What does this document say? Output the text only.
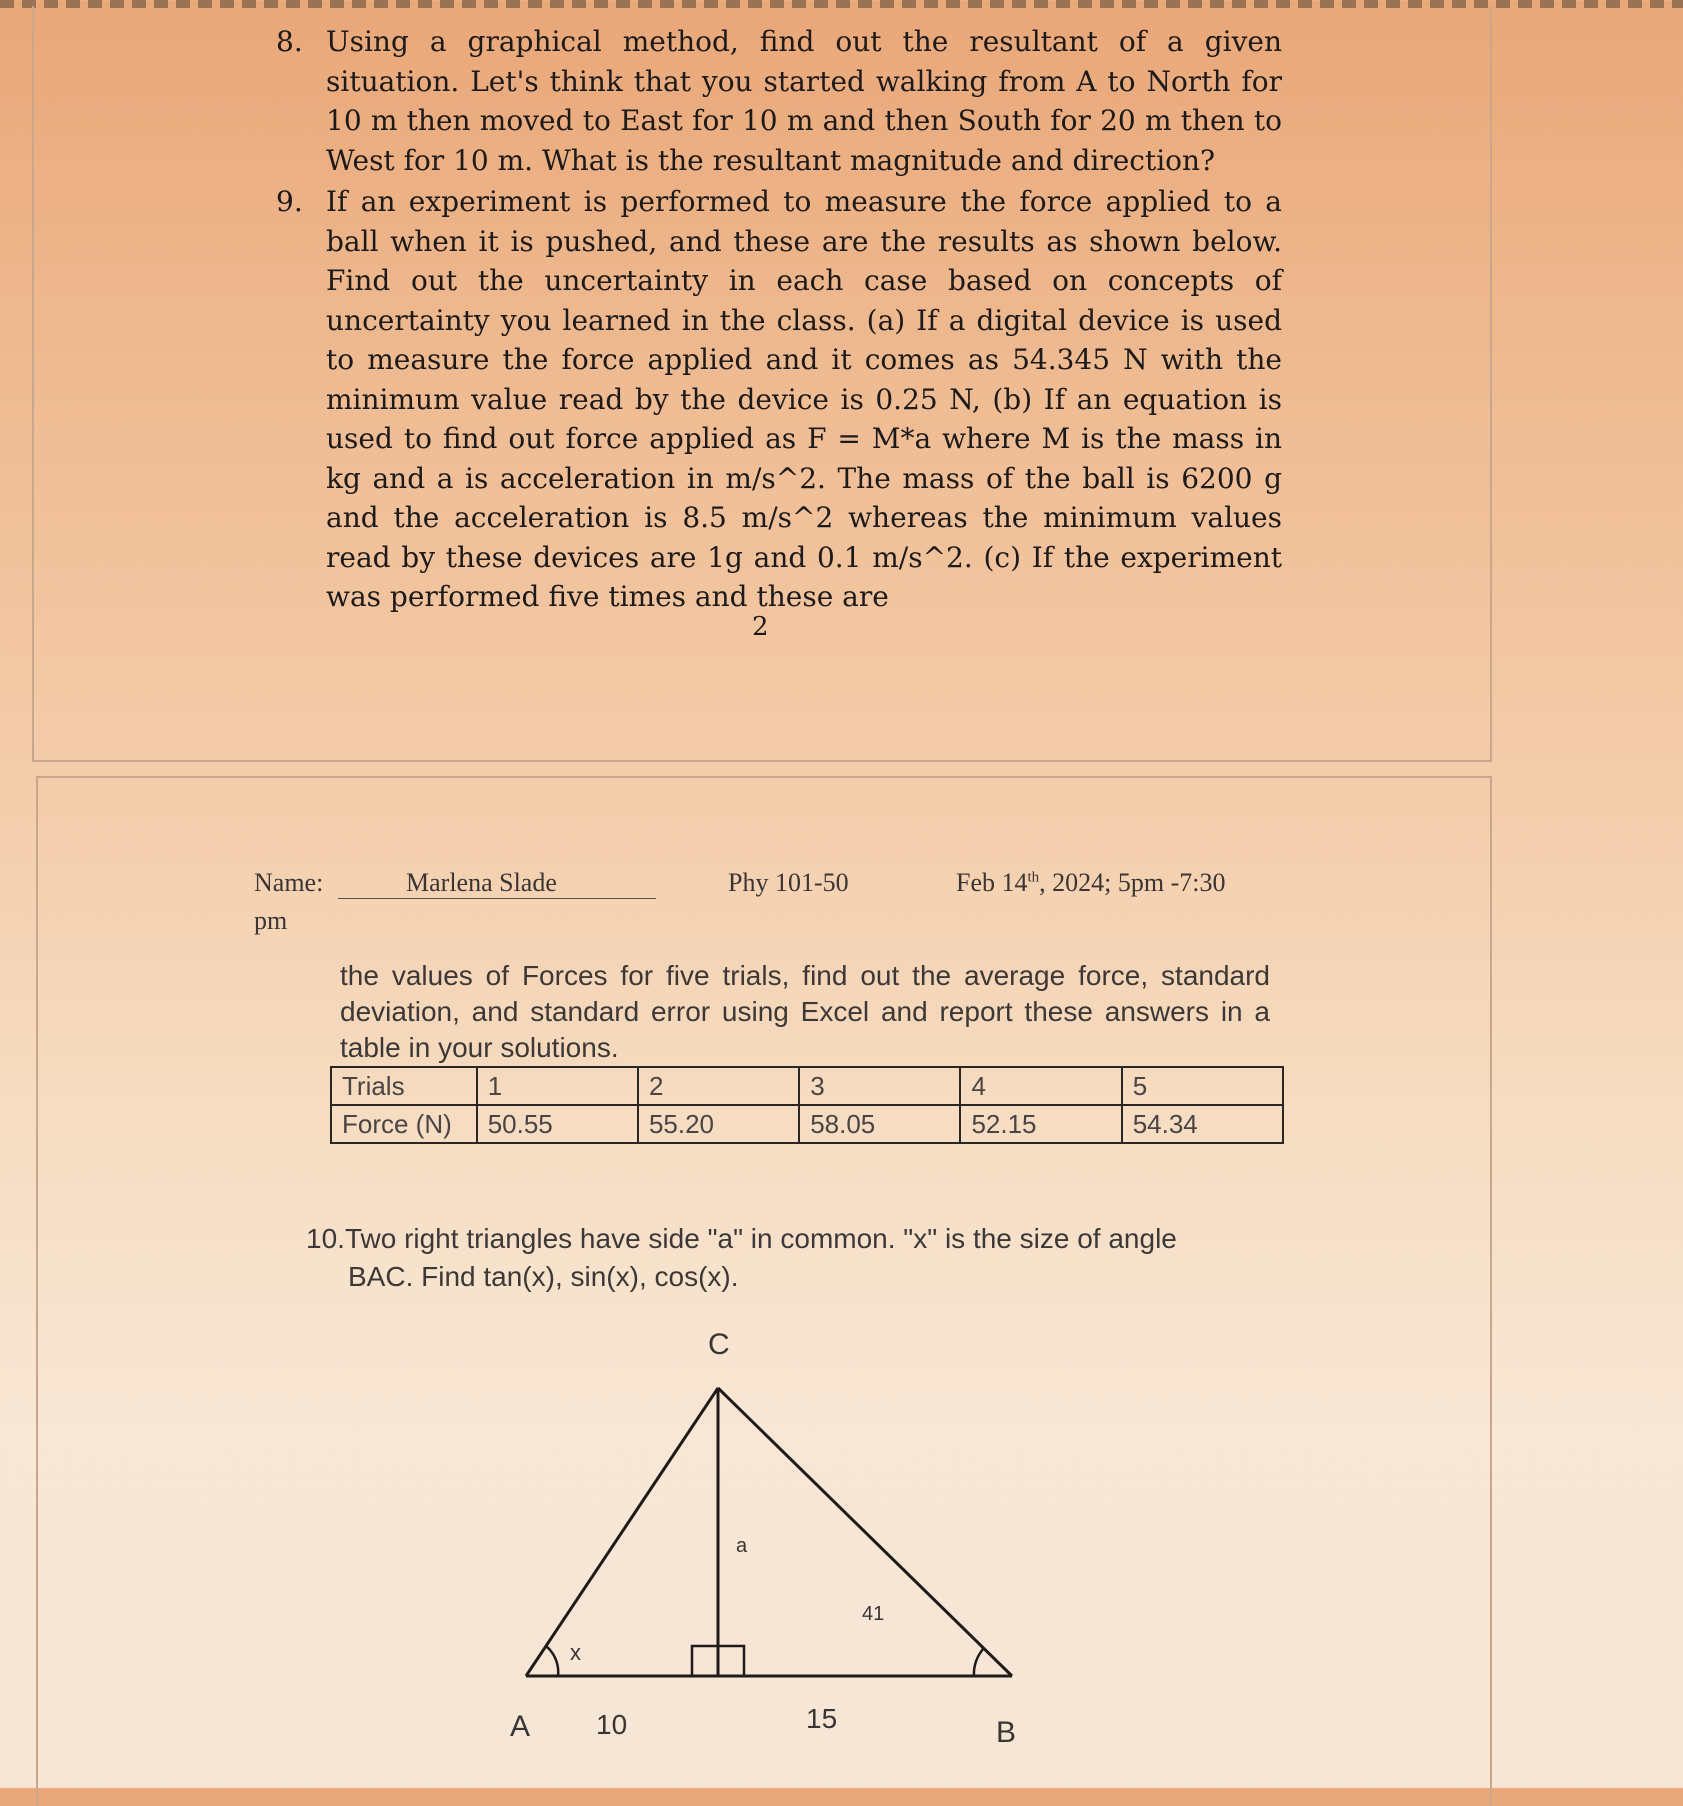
8. Using a graphical method, find out the resultant of a given situation. Let's think that you started walking from A to North for 10 m then moved to East for 10 m and then South for 20 m then to West for 10 m. What is the resultant magnitude and direction?
9. If an experiment is performed to measure the force applied to a ball when it is pushed, and these are the results as shown below. Find out the uncertainty in each case based on concepts of uncertainty you learned in the class. (a) If a digital device is used to measure the force applied and it comes as 54.345 N with the minimum value read by the device is 0.25 N, (b) If an equation is used to find out force applied as F = M*a where M is the mass in kg and a is acceleration in m/s^2. The mass of the ball is 6200 g and the acceleration is 8.5 m/s^2 whereas the minimum values read by these devices are 1g and 0.1 m/s^2. (c) If the experiment was performed five times and these are
2
Name:	Marlena Slade	Phy 101-50	Feb 14th, 2024; 5pm -7:30
pm
the values of Forces for five trials, find out the average force, standard deviation, and standard error using Excel and report these answers in a table in your solutions.
Trials	1	2	3	4	5
Force (N)	50.55	55.20	58.05	52.15	54.34
10.Two right triangles have side "a" in common. "x" is the size of angle
BAC. Find tan(x), sin(x), cos(x).
C
A	B
a
41
x
10	15
